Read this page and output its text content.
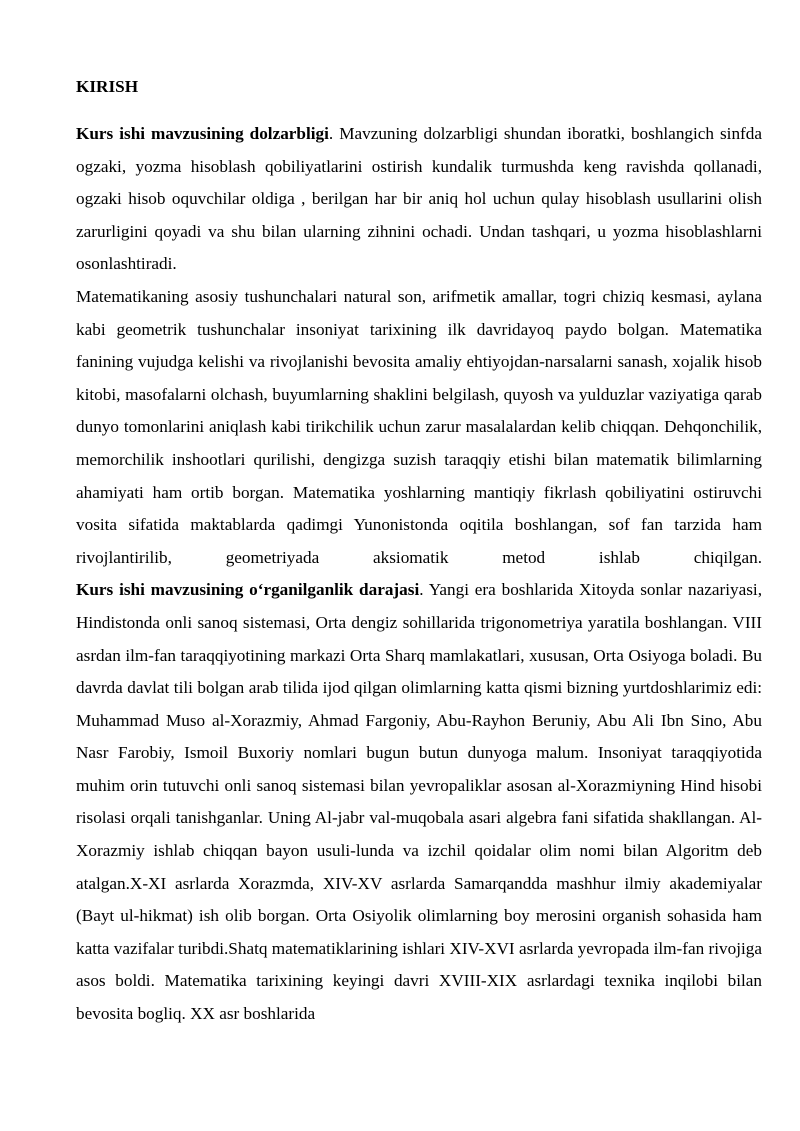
KIRISH

Kurs ishi mavzusining dolzarbligi. Mavzuning dolzarbligi shundan iboratki, boshlangich sinfda ogzaki, yozma hisoblash qobiliyatlarini ostirish kundalik turmushda keng ravishda qollanadi, ogzaki hisob oquvchilar oldiga , berilgan har bir aniq hol uchun qulay hisoblash usullarini olish zarurligini qoyadi va shu bilan ularning zihnini ochadi. Undan tashqari, u yozma hisoblashlarni osonlashtiradi.

Matematikaning asosiy tushunchalari natural son, arifmetik amallar, togri chiziq kesmasi, aylana kabi geometrik tushunchalar insoniyat tarixining ilk davridayoq paydo bolgan. Matematika fanining vujudga kelishi va rivojlanishi bevosita amaliy ehtiyojdan-narsalarni sanash, xojalik hisob kitobi, masofalarni olchash, buyumlarning shaklini belgilash, quyosh va yulduzlar vaziyatiga qarab dunyo tomonlarini aniqlash kabi tirikchilik uchun zarur masalalardan kelib chiqqan. Dehqonchilik, memorchilik inshootlari qurilishi, dengizga suzish taraqqiy etishi bilan matematik bilimlarning ahamiyati ham ortib borgan. Matematika yoshlarning mantiqiy fikrlash qobiliyatini ostiruvchi vosita sifatida maktablarda qadimgi Yunonistonda oqitila boshlangan, sof fan tarzida ham rivojlantirilib, geometriyada aksiomatik metod ishlab chiqilgan.

Kurs ishi mavzusining o‘rganilganlik darajasi. Yangi era boshlarida Xitoyda sonlar nazariyasi, Hindistonda onli sanoq sistemasi, Orta dengiz sohillarida trigonometriya yaratila boshlangan. VIII asrdan ilm-fan taraqqiyotining markazi Orta Sharq mamlakatlari, xususan, Orta Osiyoga boladi. Bu davrda davlat tili bolgan arab tilida ijod qilgan olimlarning katta qismi bizning yurtdoshlarimiz edi: Muhammad Muso al-Xorazmiy, Ahmad Fargoniy, Abu-Rayhon Beruniy, Abu Ali Ibn Sino, Abu Nasr Farobiy, Ismoil Buxoriy nomlari bugun butun dunyoga malum. Insoniyat taraqqiyotida muhim orin tutuvchi onli sanoq sistemasi bilan yevropaliklar asosan al-Xorazmiyning Hind hisobi risolasi orqali tanishganlar. Uning Al-jabr val-muqobala asari algebra fani sifatida shakllangan. Al-Xorazmiy ishlab chiqqan bayon usuli-lunda va izchil qoidalar olim nomi bilan Algoritm deb atalgan.X-XI asrlarda Xorazmda, XIV-XV asrlarda Samarqandda mashhur ilmiy akademiyalar (Bayt ul-hikmat) ish olib borgan. Orta Osiyolik olimlarning boy merosini organish sohasida ham katta vazifalar turibdi.Shatq matematiklarining ishlari XIV-XVI asrlarda yevropada ilm-fan rivojiga asos boldi. Matematika tarixining keyingi davri XVIII-XIX asrlardagi texnika inqilobi bilan bevosita bogliq. XX asr boshlarida
